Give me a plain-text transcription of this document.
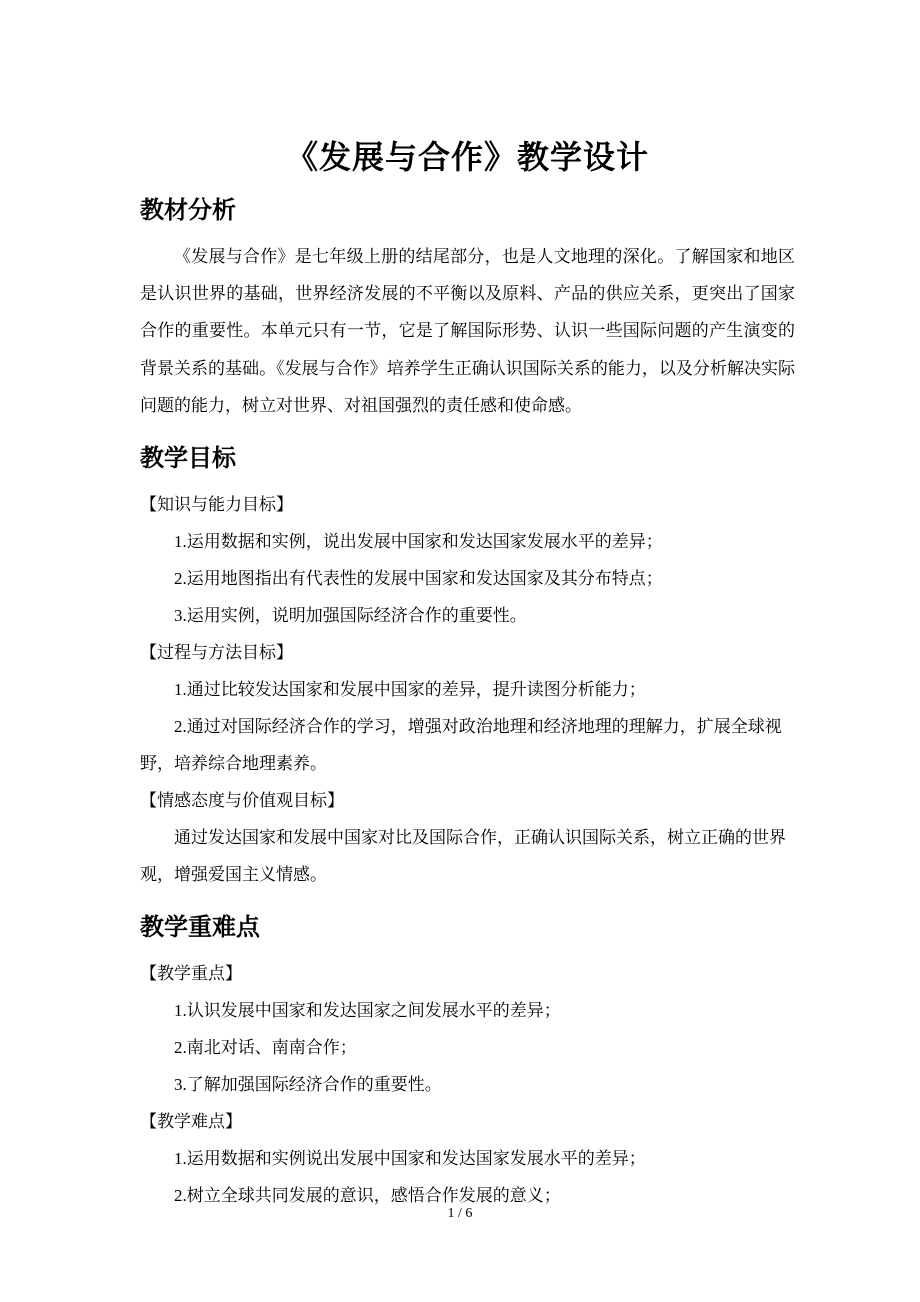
《发展与合作》教学设计
教材分析

《发展与合作》是七年级上册的结尾部分，也是人文地理的深化。了解国家和地区是认识世界的基础，世界经济发展的不平衡以及原料、产品的供应关系，更突出了国家合作的重要性。本单元只有一节，它是了解国际形势、认识一些国际问题的产生演变的背景关系的基础。《发展与合作》培养学生正确认识国际关系的能力，以及分析解决实际问题的能力，树立对世界、对祖国强烈的责任感和使命感。

教学目标

【知识与能力目标】

1.运用数据和实例，说出发展中国家和发达国家发展水平的差异；

2.运用地图指出有代表性的发展中国家和发达国家及其分布特点；

3.运用实例，说明加强国际经济合作的重要性。

【过程与方法目标】

1.通过比较发达国家和发展中国家的差异，提升读图分析能力；

2.通过对国际经济合作的学习，增强对政治地理和经济地理的理解力，扩展全球视野，培养综合地理素养。

【情感态度与价值观目标】

通过发达国家和发展中国家对比及国际合作，正确认识国际关系，树立正确的世界观，增强爱国主义情感。

教学重难点

【教学重点】

1.认识发展中国家和发达国家之间发展水平的差异；

2.南北对话、南南合作；

3.了解加强国际经济合作的重要性。

【教学难点】

1.运用数据和实例说出发展中国家和发达国家发展水平的差异；

2.树立全球共同发展的意识，感悟合作发展的意义；

1 / 6
